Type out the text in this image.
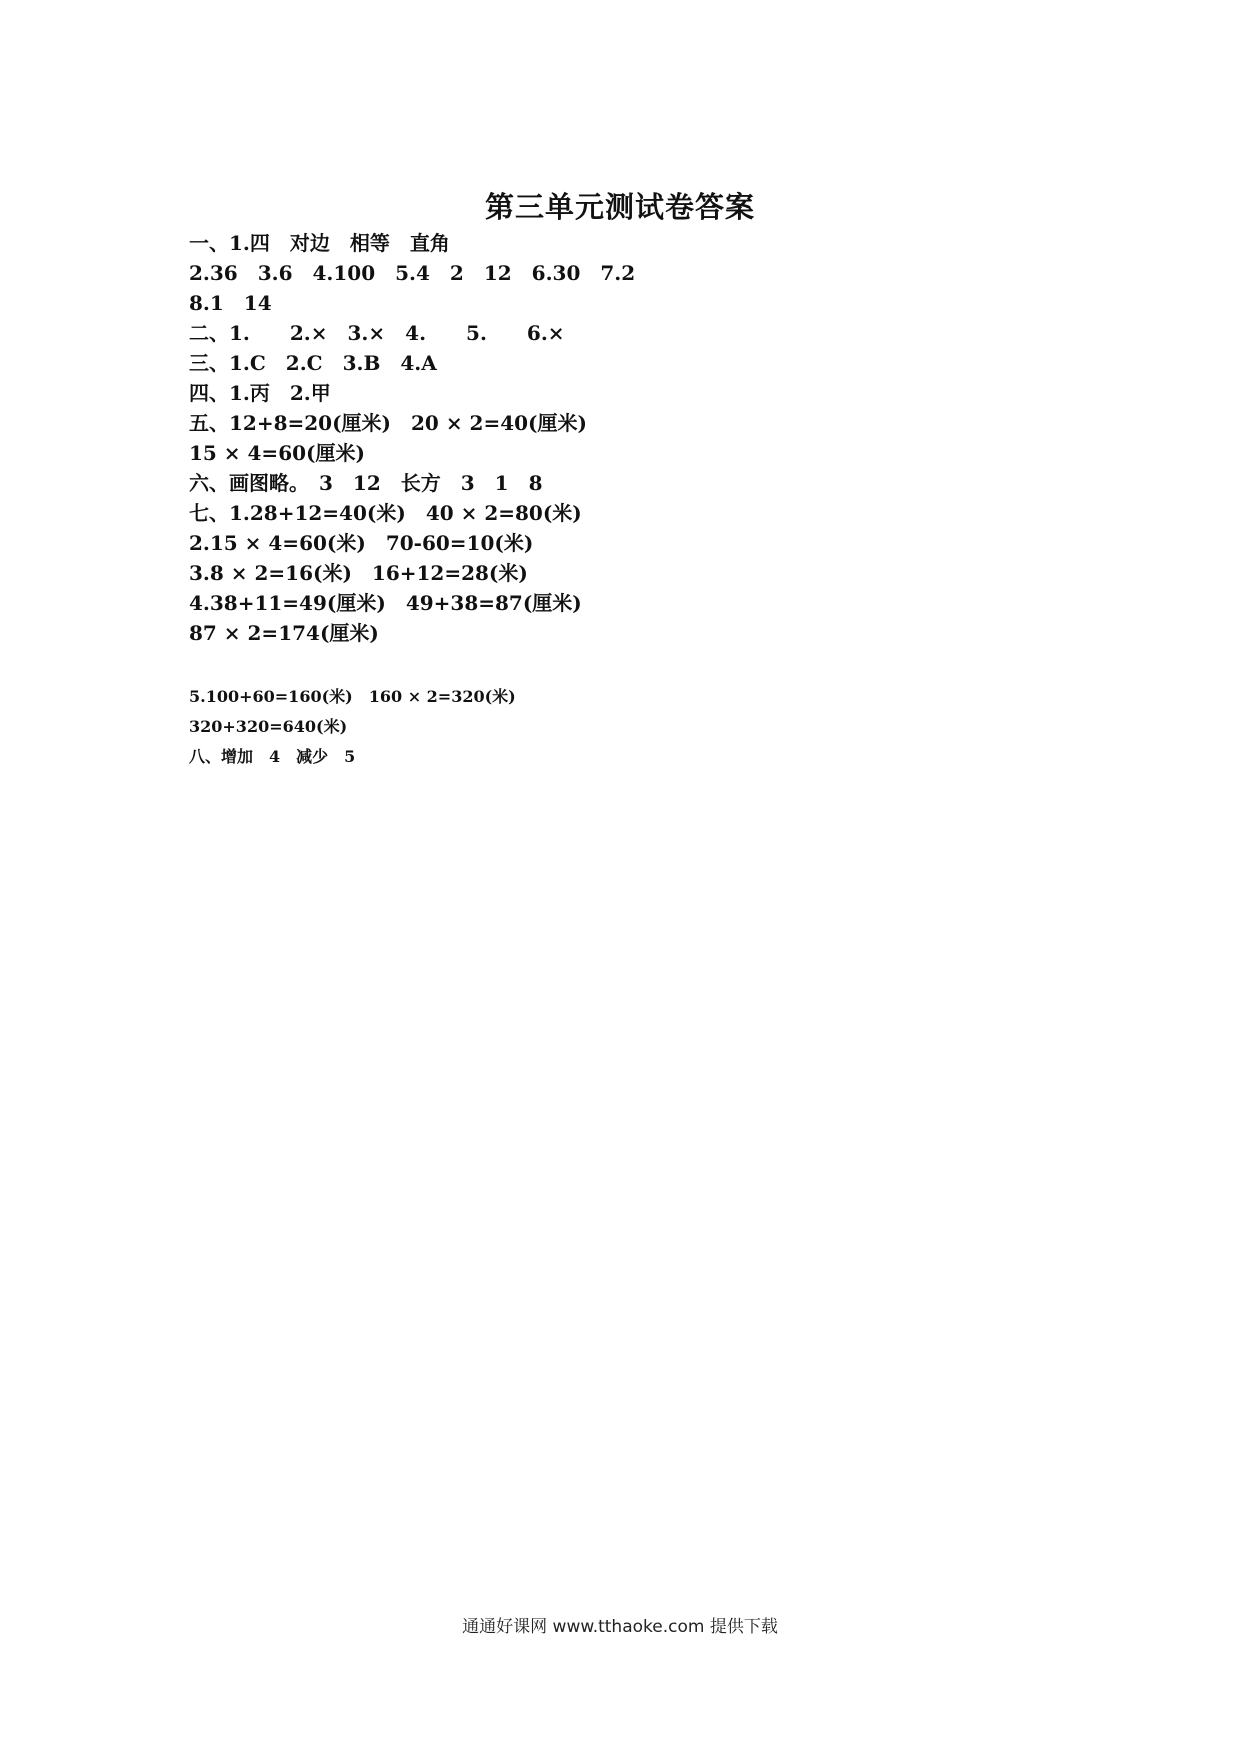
第三单元测试卷答案
一、1.四　对边　相等　直角
2.36　3.6　4.100　5.4　2　12　6.30　7.2
8.1　14
二、1.　　2.×　3.×　4.　　5.　　6.×
三、1.C　2.C　3.B　4.A
四、1.丙　2.甲
五、12+8=20(厘米)　20 × 2=40(厘米)
15 × 4=60(厘米)
六、画图略。　3　12　长方　3　1　8
七、1.28+12=40(米)　40 × 2=80(米)
2.15 × 4=60(米)　70-60=10(米)
3.8 × 2=16(米)　16+12=28(米)
4.38+11=49(厘米)　49+38=87(厘米)
87 × 2=174(厘米)
5.100+60=160(米)　160 × 2=320(米)
320+320=640(米)
八、增加　4　减少　5
通通好课网 www.tthaoke.com 提供下载
